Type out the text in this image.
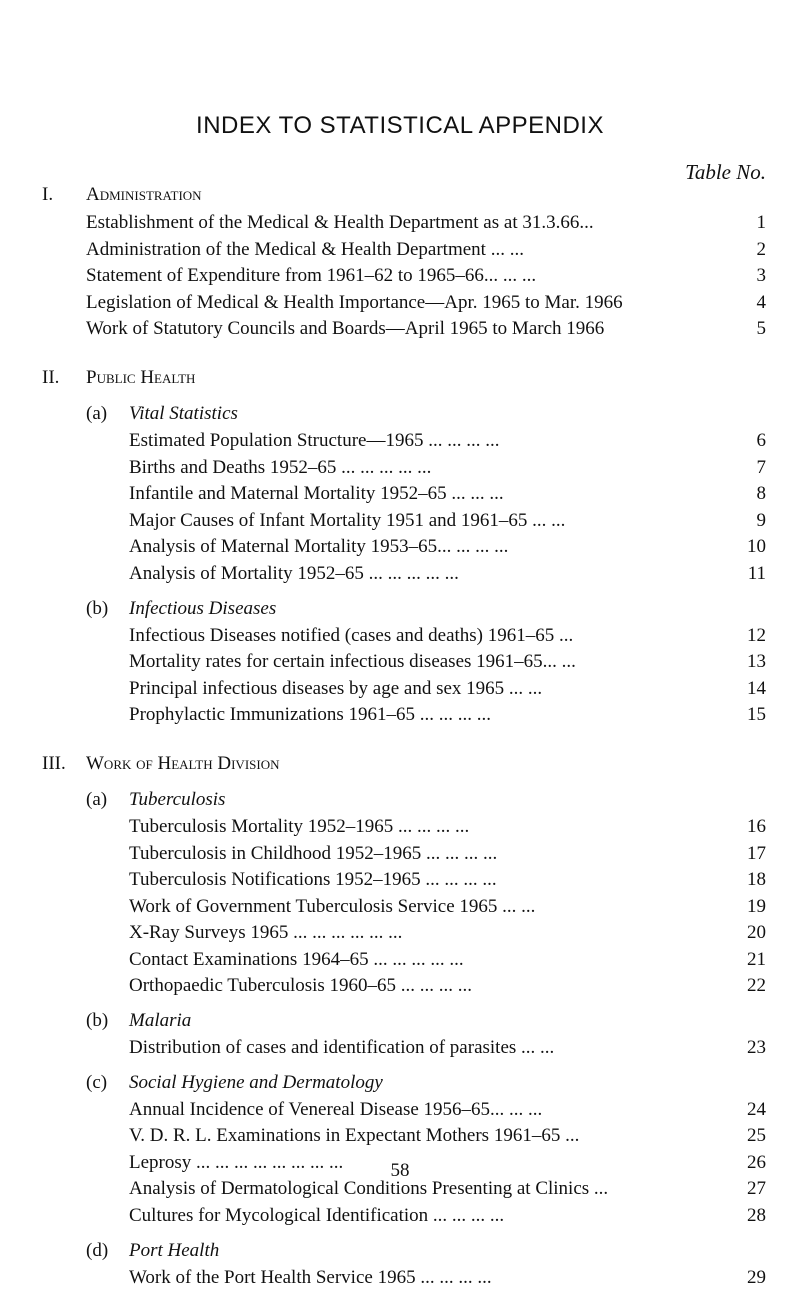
INDEX TO STATISTICAL APPENDIX
Table No.
I. Administration
Establishment of the Medical & Health Department as at 31.3.66...	1
Administration of the Medical & Health Department ... ...	2
Statement of Expenditure from 1961–62 to 1965–66... ... ...	3
Legislation of Medical & Health Importance—Apr. 1965 to Mar. 1966	4
Work of Statutory Councils and Boards—April 1965 to March 1966	5
II. Public Health
(a) Vital Statistics
Estimated Population Structure—1965 ... ... ... ...	6
Births and Deaths 1952–65 ... ... ... ... ...	7
Infantile and Maternal Mortality 1952–65 ... ... ...	8
Major Causes of Infant Mortality 1951 and 1961–65 ... ...	9
Analysis of Maternal Mortality 1953–65... ... ... ...	10
Analysis of Mortality 1952–65 ... ... ... ... ...	11
(b) Infectious Diseases
Infectious Diseases notified (cases and deaths) 1961–65 ...	12
Mortality rates for certain infectious diseases 1961–65... ...	13
Principal infectious diseases by age and sex 1965 ... ...	14
Prophylactic Immunizations 1961–65 ... ... ... ...	15
III. Work of Health Division
(a) Tuberculosis
Tuberculosis Mortality 1952–1965 ... ... ... ...	16
Tuberculosis in Childhood 1952–1965 ... ... ... ...	17
Tuberculosis Notifications 1952–1965 ... ... ... ...	18
Work of Government Tuberculosis Service 1965 ... ...	19
X-Ray Surveys 1965 ... ... ... ... ... ...	20
Contact Examinations 1964–65 ... ... ... ... ...	21
Orthopaedic Tuberculosis 1960–65 ... ... ... ...	22
(b) Malaria
Distribution of cases and identification of parasites ... ...	23
(c) Social Hygiene and Dermatology
Annual Incidence of Venereal Disease 1956–65... ... ...	24
V. D. R. L. Examinations in Expectant Mothers 1961–65 ...	25
Leprosy ... ... ... ... ... ... ... ...	26
Analysis of Dermatological Conditions Presenting at Clinics ...	27
Cultures for Mycological Identification ... ... ... ...	28
(d) Port Health
Work of the Port Health Service 1965 ... ... ... ...	29
58
